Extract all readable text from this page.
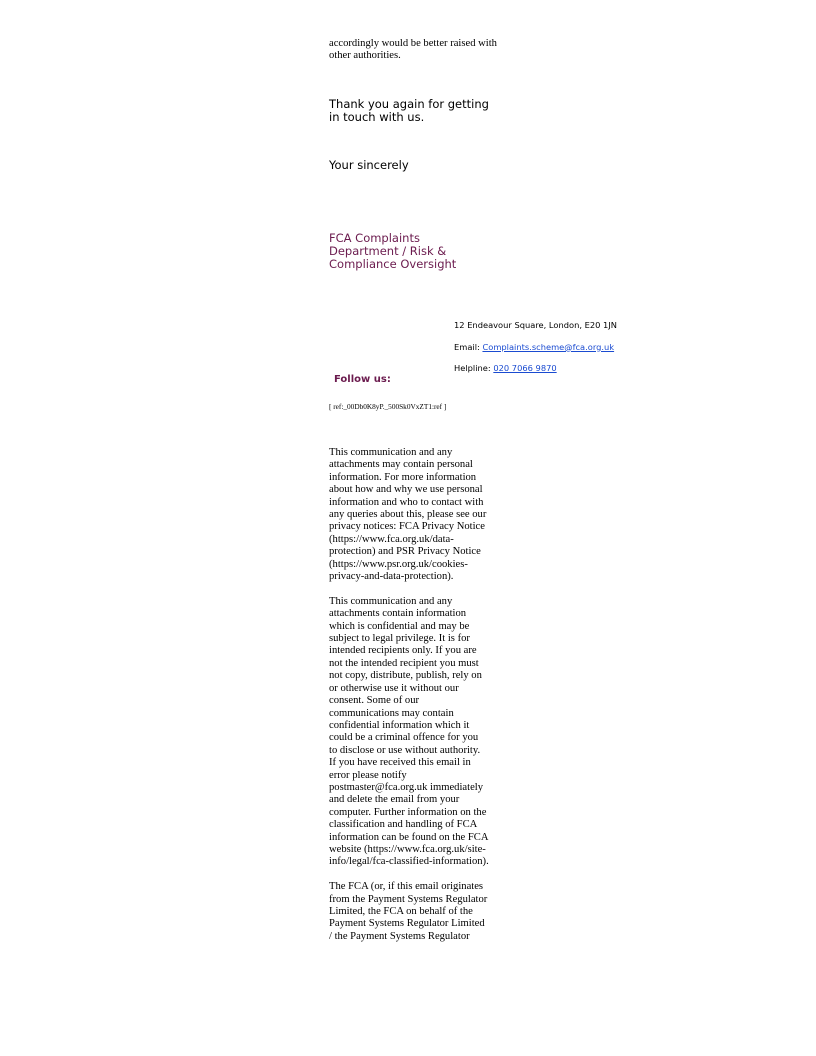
accordingly would be better raised with other authorities.
Thank you again for getting in touch with us.
Your sincerely
FCA Complaints Department / Risk & Compliance Oversight

12 Endeavour Square, London, E20 1JN

Email: Complaints.scheme@fca.org.uk

Helpline: 020 7066 9870

Follow us:
[ ref:_00Db0K8yP._500Sk0VxZT1:ref ]

This communication and any attachments may contain personal information. For more information about how and why we use personal information and who to contact with any queries about this, please see our privacy notices: FCA Privacy Notice (https://www.fca.org.uk/data-protection) and PSR Privacy Notice (https://www.psr.org.uk/cookies-privacy-and-data-protection).

This communication and any attachments contain information which is confidential and may be subject to legal privilege. It is for intended recipients only. If you are not the intended recipient you must not copy, distribute, publish, rely on or otherwise use it without our consent. Some of our communications may contain confidential information which it could be a criminal offence for you to disclose or use without authority. If you have received this email in error please notify postmaster@fca.org.uk immediately and delete the email from your computer. Further information on the classification and handling of FCA information can be found on the FCA website (https://www.fca.org.uk/site-info/legal/fca-classified-information).

The FCA (or, if this email originates from the Payment Systems Regulator Limited, the FCA on behalf of the Payment Systems Regulator Limited / the Payment Systems Regulator
